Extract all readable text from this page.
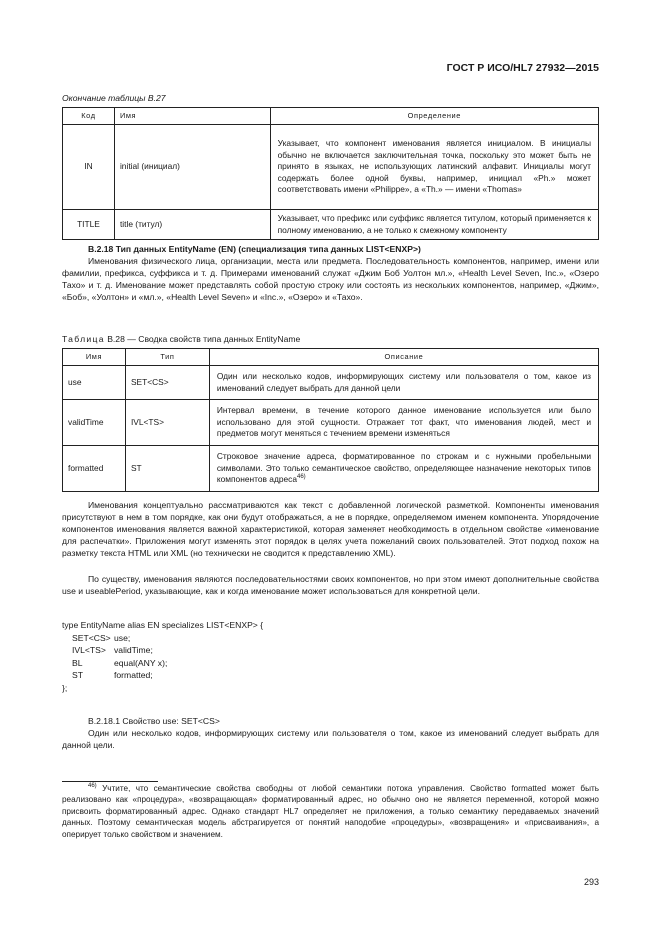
ГОСТ Р ИСО/HL7 27932—2015
Окончание таблицы B.27
Код	Имя	Определение
IN	initial (инициал)	Указывает, что компонент именования является инициалом. В инициалы обычно не включается заключительная точка, поскольку это может быть не принято в языках, не использующих латинский алфавит. Инициалы могут содержать более одной буквы, например, инициал «Ph.» может соответствовать имени «Philippe», а «Th.» — имени «Thomas»
TITLE	title (титул)	Указывает, что префикс или суффикс является титулом, который применяется к полному именованию, а не только к смежному компоненту

B.2.18 Тип данных EntityName (EN) (специализация типа данных LIST<ENXP>)

Именования физического лица, организации, места или предмета. Последовательность компонентов, например, имени или фамилии, префикса, суффикса и т. д. Примерами именований служат «Джим Боб Уолтон мл.», «Health Level Seven, Inc.», «Озеро Тахо» и т. д. Именование может представлять собой простую строку или состоять из нескольких компонентов, например, «Джим», «Боб», «Уолтон» и «мл.», «Health Level Seven» и «Inc.», «Озеро» и «Тахо».

Таблица B.28 — Сводка свойств типа данных EntityName
Имя	Тип	Описание
use	SET<CS>	Один или несколько кодов, информирующих систему или пользователя о том, какое из именований следует выбрать для данной цели
validTime	IVL<TS>	Интервал времени, в течение которого данное именование используется или было использовано для этой сущности. Отражает тот факт, что именования людей, мест и предметов могут меняться с течением времени изменяться
formatted	ST	Строковое значение адреса, форматированное по строкам и с нужными пробельными символами. Это только семантическое свойство, определяющее назначение некоторых типов компонентов адреса$^{46)}$

Именования концептуально рассматриваются как текст с добавленной логической разметкой. Компоненты именования присутствуют в нем в том порядке, как они будут отображаться, а не в порядке, определяемом именем компонента. Упорядочение компонентов именования является важной характеристикой, которая заменяет необходимость в отдельном свойстве «именование для распечатки». Приложения могут изменять этот порядок в целях учета пожеланий своих пользователей. Этот подход похож на разметку текста HTML или XML (но технически не сводится к представлению XML).

По существу, именования являются последовательностями своих компонентов, но при этом имеют дополнительные свойства use и useablePeriod, указывающие, как и когда именование может использоваться для конкретной цели.

type EntityName alias EN specializes LIST<ENXP> {
SET<CS> use;
IVL<TS> validTime;
BL	equal(ANY x);
ST	formatted;
};

B.2.18.1 Свойство use: SET<CS>

Один или несколько кодов, информирующих систему или пользователя о том, какое из именований следует выбрать для данной цели.

$^{46)}$ Учтите, что семантические свойства свободны от любой семантики потока управления. Свойство formatted может быть реализовано как «процедура», «возвращающая» форматированный адрес, но обычно оно не является переменной, которой можно присвоить форматированный адрес. Однако стандарт HL7 определяет не приложения, а только семантику передаваемых значений данных. Поэтому семантическая модель абстрагируется от понятий наподобие «процедуры», «возвращения» и «присваивания», а оперирует только свойством и значением.

293
